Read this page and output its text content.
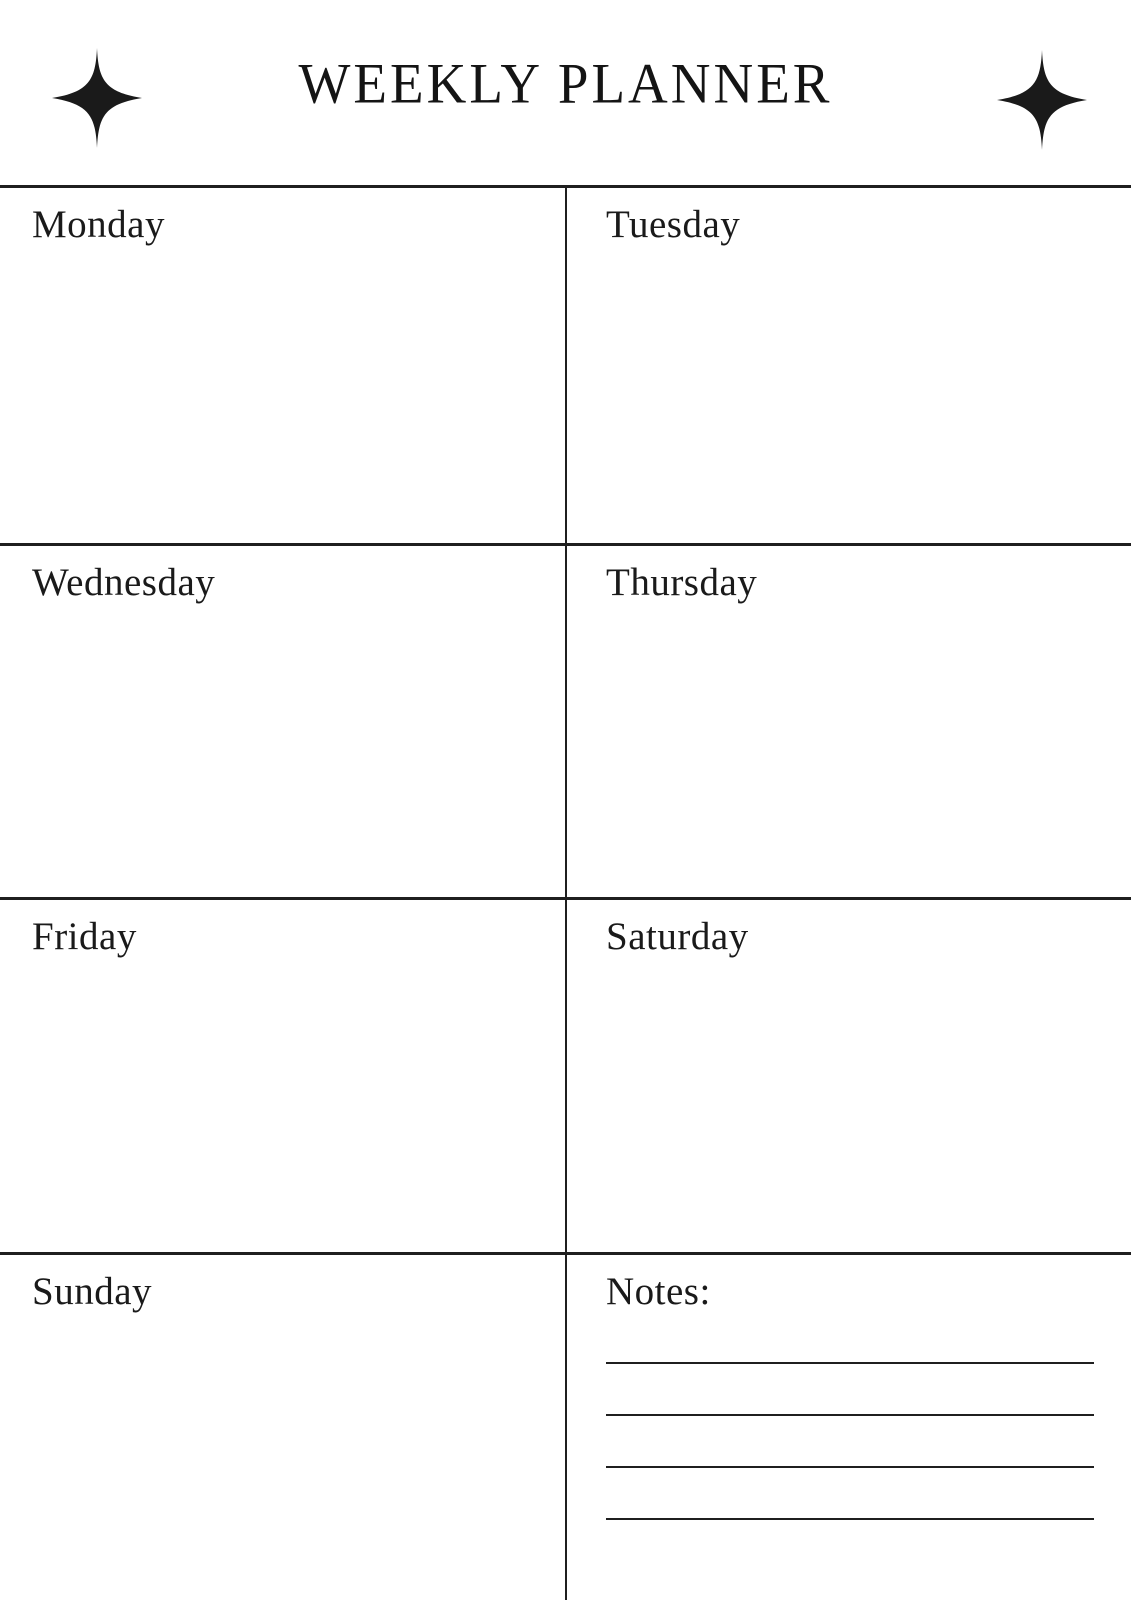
WEEKLY PLANNER
Monday	Tuesday
Wednesday	Thursday
Friday	Saturday
Sunday	Notes:
